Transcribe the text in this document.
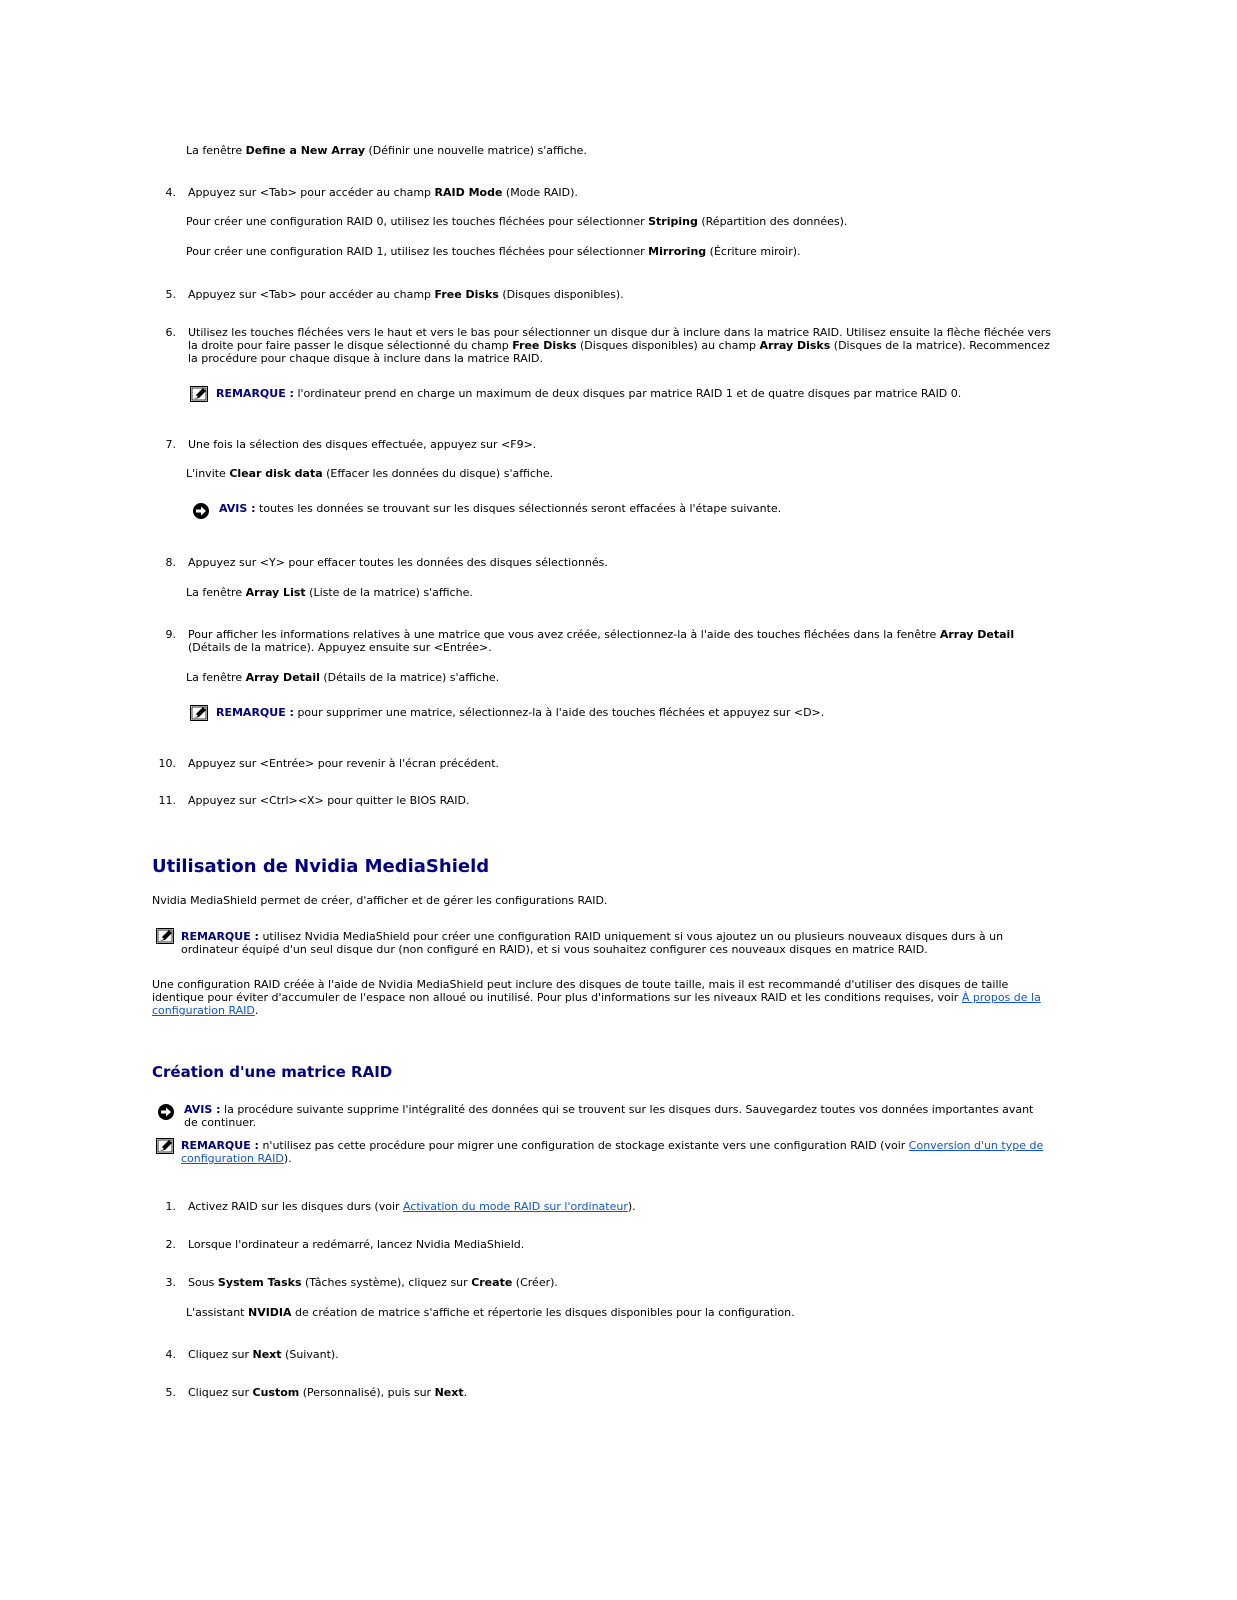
La fenêtre Define a New Array (Définir une nouvelle matrice) s'affiche.
4. Appuyez sur <Tab> pour accéder au champ RAID Mode (Mode RAID).
Pour créer une configuration RAID 0, utilisez les touches fléchées pour sélectionner Striping (Répartition des données).
Pour créer une configuration RAID 1, utilisez les touches fléchées pour sélectionner Mirroring (Écriture miroir).
5. Appuyez sur <Tab> pour accéder au champ Free Disks (Disques disponibles).
6. Utilisez les touches fléchées vers le haut et vers le bas pour sélectionner un disque dur à inclure dans la matrice RAID. Utilisez ensuite la flèche fléchée vers la droite pour faire passer le disque sélectionné du champ Free Disks (Disques disponibles) au champ Array Disks (Disques de la matrice). Recommencez la procédure pour chaque disque à inclure dans la matrice RAID.
REMARQUE : l'ordinateur prend en charge un maximum de deux disques par matrice RAID 1 et de quatre disques par matrice RAID 0.
7. Une fois la sélection des disques effectuée, appuyez sur <F9>.
L'invite Clear disk data (Effacer les données du disque) s'affiche.
AVIS : toutes les données se trouvant sur les disques sélectionnés seront effacées à l'étape suivante.
8. Appuyez sur <Y> pour effacer toutes les données des disques sélectionnés.
La fenêtre Array List (Liste de la matrice) s'affiche.
9. Pour afficher les informations relatives à une matrice que vous avez créée, sélectionnez-la à l'aide des touches fléchées dans la fenêtre Array Detail (Détails de la matrice). Appuyez ensuite sur <Entrée>.
La fenêtre Array Detail (Détails de la matrice) s'affiche.
REMARQUE : pour supprimer une matrice, sélectionnez-la à l'aide des touches fléchées et appuyez sur <D>.
10. Appuyez sur <Entrée> pour revenir à l'écran précédent.
11. Appuyez sur <Ctrl><X> pour quitter le BIOS RAID.
Utilisation de Nvidia MediaShield
Nvidia MediaShield permet de créer, d'afficher et de gérer les configurations RAID.
REMARQUE : utilisez Nvidia MediaShield pour créer une configuration RAID uniquement si vous ajoutez un ou plusieurs nouveaux disques durs à un ordinateur équipé d'un seul disque dur (non configuré en RAID), et si vous souhaitez configurer ces nouveaux disques en matrice RAID.
Une configuration RAID créée à l'aide de Nvidia MediaShield peut inclure des disques de toute taille, mais il est recommandé d'utiliser des disques de taille identique pour éviter d'accumuler de l'espace non alloué ou inutilisé. Pour plus d'informations sur les niveaux RAID et les conditions requises, voir À propos de la configuration RAID.
Création d'une matrice RAID
AVIS : la procédure suivante supprime l'intégralité des données qui se trouvent sur les disques durs. Sauvegardez toutes vos données importantes avant de continuer.
REMARQUE : n'utilisez pas cette procédure pour migrer une configuration de stockage existante vers une configuration RAID (voir Conversion d'un type de configuration RAID).
1. Activez RAID sur les disques durs (voir Activation du mode RAID sur l'ordinateur).
2. Lorsque l'ordinateur a redémarré, lancez Nvidia MediaShield.
3. Sous System Tasks (Tâches système), cliquez sur Create (Créer).
L'assistant NVIDIA de création de matrice s'affiche et répertorie les disques disponibles pour la configuration.
4. Cliquez sur Next (Suivant).
5. Cliquez sur Custom (Personnalisé), puis sur Next.
